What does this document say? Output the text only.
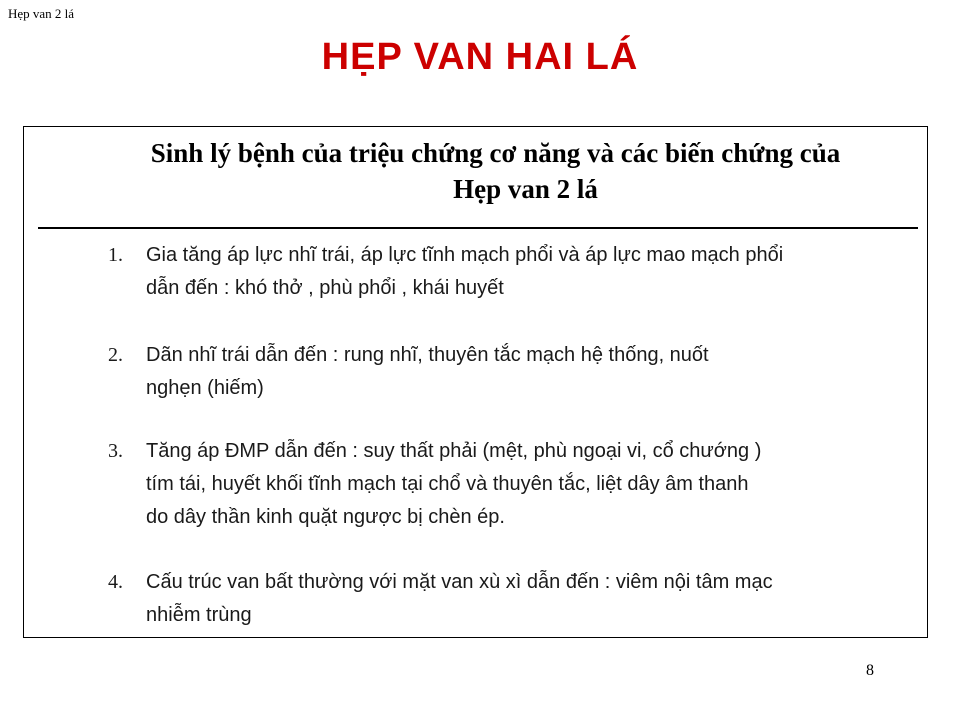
Hẹp van 2 lá
HẸP VAN HAI LÁ
Sinh lý bệnh của triệu chứng cơ năng và các biến chứng của
Hẹp van 2 lá
1. Gia tăng áp lực nhĩ trái, áp lực tĩnh mạch phổi và áp lực mao mạch phổi
dẫn đến : khó thở , phù phổi , khái huyết
2. Dãn nhĩ trái dẫn đến : rung nhĩ, thuyên tắc mạch hệ thống, nuốt
nghẹn (hiếm)
3. Tăng áp ĐMP dẫn đến : suy thất phải (mệt, phù ngoại vi, cổ chướng )
tím tái, huyết khối tĩnh mạch tại chổ và thuyên tắc, liệt dây âm thanh
do dây thần kinh quặt ngược bị chèn ép.
4. Cấu trúc van bất thường với mặt van xù xì dẫn đến : viêm nội tâm mạc
nhiễm trùng
8
